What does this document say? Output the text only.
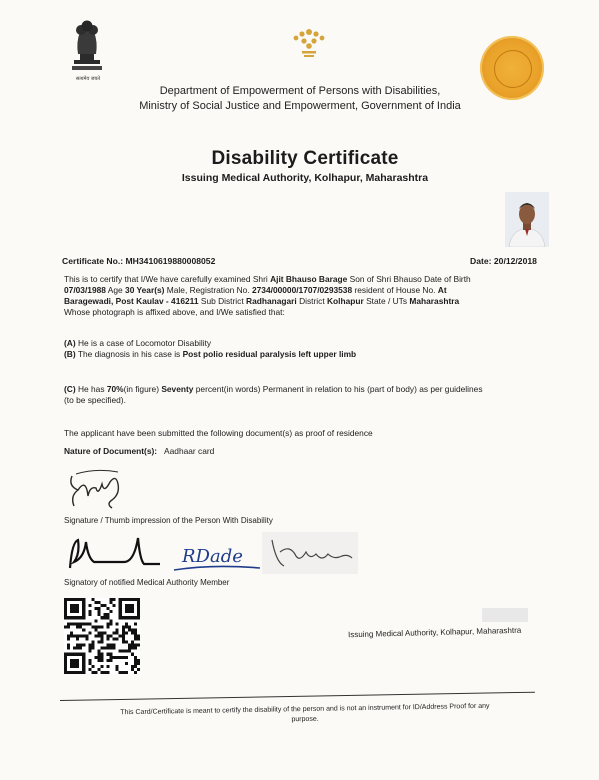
सत्यमेव जयते
Department of Empowerment of Persons with Disabilities,
Ministry of Social Justice and Empowerment, Government of India
Disability Certificate
Issuing Medical Authority, Kolhapur, Maharashtra
Certificate No.: MH3410619880008052	Date: 20/12/2018
This is to certify that I/We have carefully examined Shri Ajit Bhauso Barage Son of Shri Bhauso Date of Birth
07/03/1988 Age 30 Year(s) Male, Registration No. 2734/00000/1707/0293538 resident of House No. At
Baragewadi, Post Kaulav - 416211 Sub District Radhanagari District Kolhapur State / UTs Maharashtra
Whose photograph is affixed above, and I/We satisfied that:
(A) He is a case of Locomotor Disability
(B) The diagnosis in his case is Post polio residual paralysis left upper limb
(C) He has 70%(in figure) Seventy percent(in words) Permanent in relation to his (part of body) as per guidelines
(to be specified).
The applicant have been submitted the following document(s) as proof of residence
Nature of Document(s): Aadhaar card
Signature / Thumb impression of the Person With Disability
RDade
Signatory of notified Medical Authority Member
Issuing Medical Authority, Kolhapur, Maharashtra
This Card/Certificate is meant to certify the disability of the person and is not an instrument for ID/Address Proof for any
purpose.
